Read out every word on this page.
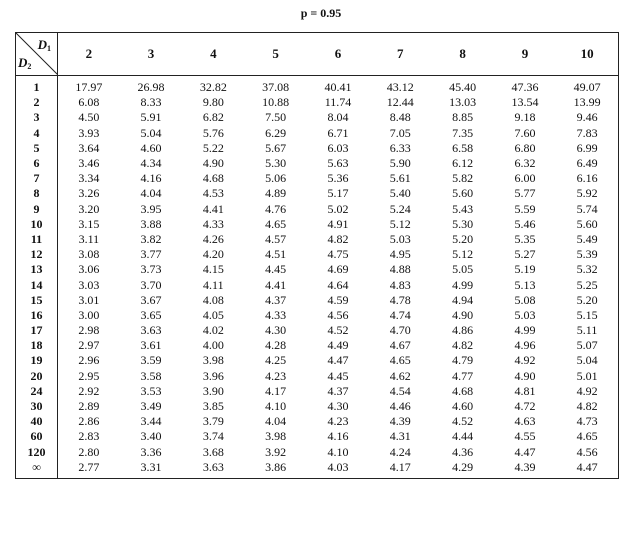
p = 0.95
$D_1$
$D_2$	2	3	4	5	6	7	8	9	10
1	17.97	26.98	32.82	37.08	40.41	43.12	45.40	47.36	49.07
2	6.08	8.33	9.80	10.88	11.74	12.44	13.03	13.54	13.99
3	4.50	5.91	6.82	7.50	8.04	8.48	8.85	9.18	9.46
4	3.93	5.04	5.76	6.29	6.71	7.05	7.35	7.60	7.83
5	3.64	4.60	5.22	5.67	6.03	6.33	6.58	6.80	6.99
6	3.46	4.34	4.90	5.30	5.63	5.90	6.12	6.32	6.49
7	3.34	4.16	4.68	5.06	5.36	5.61	5.82	6.00	6.16
8	3.26	4.04	4.53	4.89	5.17	5.40	5.60	5.77	5.92
9	3.20	3.95	4.41	4.76	5.02	5.24	5.43	5.59	5.74
10	3.15	3.88	4.33	4.65	4.91	5.12	5.30	5.46	5.60
11	3.11	3.82	4.26	4.57	4.82	5.03	5.20	5.35	5.49
12	3.08	3.77	4.20	4.51	4.75	4.95	5.12	5.27	5.39
13	3.06	3.73	4.15	4.45	4.69	4.88	5.05	5.19	5.32
14	3.03	3.70	4.11	4.41	4.64	4.83	4.99	5.13	5.25
15	3.01	3.67	4.08	4.37	4.59	4.78	4.94	5.08	5.20
16	3.00	3.65	4.05	4.33	4.56	4.74	4.90	5.03	5.15
17	2.98	3.63	4.02	4.30	4.52	4.70	4.86	4.99	5.11
18	2.97	3.61	4.00	4.28	4.49	4.67	4.82	4.96	5.07
19	2.96	3.59	3.98	4.25	4.47	4.65	4.79	4.92	5.04
20	2.95	3.58	3.96	4.23	4.45	4.62	4.77	4.90	5.01
24	2.92	3.53	3.90	4.17	4.37	4.54	4.68	4.81	4.92
30	2.89	3.49	3.85	4.10	4.30	4.46	4.60	4.72	4.82
40	2.86	3.44	3.79	4.04	4.23	4.39	4.52	4.63	4.73
60	2.83	3.40	3.74	3.98	4.16	4.31	4.44	4.55	4.65
120	2.80	3.36	3.68	3.92	4.10	4.24	4.36	4.47	4.56
∞	2.77	3.31	3.63	3.86	4.03	4.17	4.29	4.39	4.47
